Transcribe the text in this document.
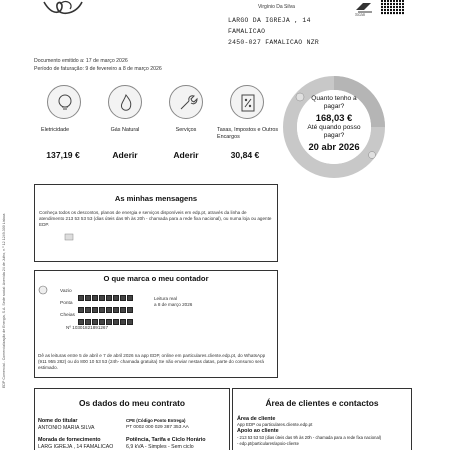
Virgínio Da Silva
LARGO DA IGREJA , 14
FAMALICAO
2450-027 FAMALICAO NZR
Scan
Documento emitido a: 17 de março 2026
Período de faturação: 9 de fevereiro a 8 de março 2026
Eletricidade
137,19 €
Gás Natural
Aderir
Serviços
Aderir
Taxas, Impostos e Outros Encargos
30,84 €
Quanto tenho a pagar?
168,03 €
Até quando posso pagar?
20 abr 2026
EDP Comercial - Comercialização de Energia, S.A. Sede social: Avenida 24 de Julho, n.º 12 1249-300 Lisboa
As minhas mensagens
Conheça todos os descontos, planos de energia e serviços disponíveis em edp.pt, através da linha de atendimento 213 53 53 53 (dias úteis das 9h às 20h - chamada para a rede fixa nacional), ou numa loja ou agente EDP.
O que marca o meu contador
Vazio
Ponta
Cheias
Leitura real
a 8 de março 2026
Nº 10301821891267
Dê as leituras entre 5 de abril e 7 de abril 2026 na app EDP, online em particulares.cliente.edp.pt, do WhatsApp (911 955 282) ou do 800 10 53 53 (24h- chamada gratuita) Se não enviar nestas datas, parte do consumo será estimado.
Os dados do meu contrato
Nome do titular
ANTONIO MARIA SILVA
CPE (Código Ponto Entrega)
PT 0002 000 029 387 353 AA
Morada de fornecimento
LARG IGREJA , 14 FAMALICAO
Potência, Tarifa e Ciclo Horário
6,9 kVA - Simples - Sem ciclo
Área de clientes e contactos
Área de cliente
App EDP ou particulares.cliente.edp.pt
Apoio ao cliente
- 213 53 53 53 (dias úteis das 9h às 20h - chamada para a rede fixa nacional)
- edp.pt/particulares/apoio-cliente
